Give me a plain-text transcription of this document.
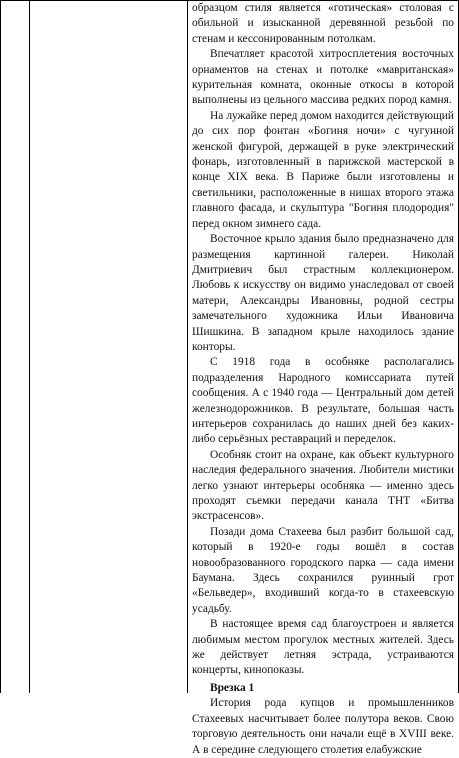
образцом стиля является «готическая» столовая с обильной и изысканной деревянной резьбой по стенам и кессонированным потолкам.

Впечатляет красотой хитросплетения восточных орнаментов на стенах и потолке «мавританская» курительная комната, оконные откосы в которой выполнены из цельного массива редких пород камня.

На лужайке перед домом находится действующий до сих пор фонтан «Богиня ночи» с чугунной женской фигурой, держащей в руке электрический фонарь, изготовленный в парижской мастерской в конце XIX века. В Париже были изготовлены и светильники, расположенные в нишах второго этажа главного фасада, и скульптура "Богиня плодородия" перед окном зимнего сада.

Восточное крыло здания было предназначено для размещения картинной галереи. Николай Дмитриевич был страстным коллекционером. Любовь к искусству он видимо унаследовал от своей матери, Александры Ивановны, родной сестры замечательного художника Ильи Ивановича Шишкина. В западном крыле находилось здание конторы.

С 1918 года в особняке располагались подразделения Народного комиссариата путей сообщения. А с 1940 года — Центральный дом детей железнодорожников. В результате, большая часть интерьеров сохранилась до наших дней без каких-либо серьёзных реставраций и переделок.

Особняк стоит на охране, как объект культурного наследия федерального значения. Любители мистики легко узнают интерьеры особняка — именно здесь проходят съемки передачи канала ТНТ «Битва экстрасенсов».

Позади дома Стахеева был разбит большой сад, который в 1920-е годы вошёл в состав новообразованного городского парка — сада имени Баумана. Здесь сохранился руинный грот «Бельведер», входивший когда-то в стахеевскую усадьбу.

В настоящее время сад благоустроен и является любимым местом прогулок местных жителей. Здесь же действует летняя эстрада, устраиваются концерты, кинопоказы.

Врезка 1

История рода купцов и промышленников Стахеевых насчитывает более полутора веков. Свою торговую деятельность они начали ещё в XVIII веке. А в середине следующего столетия елабужские
